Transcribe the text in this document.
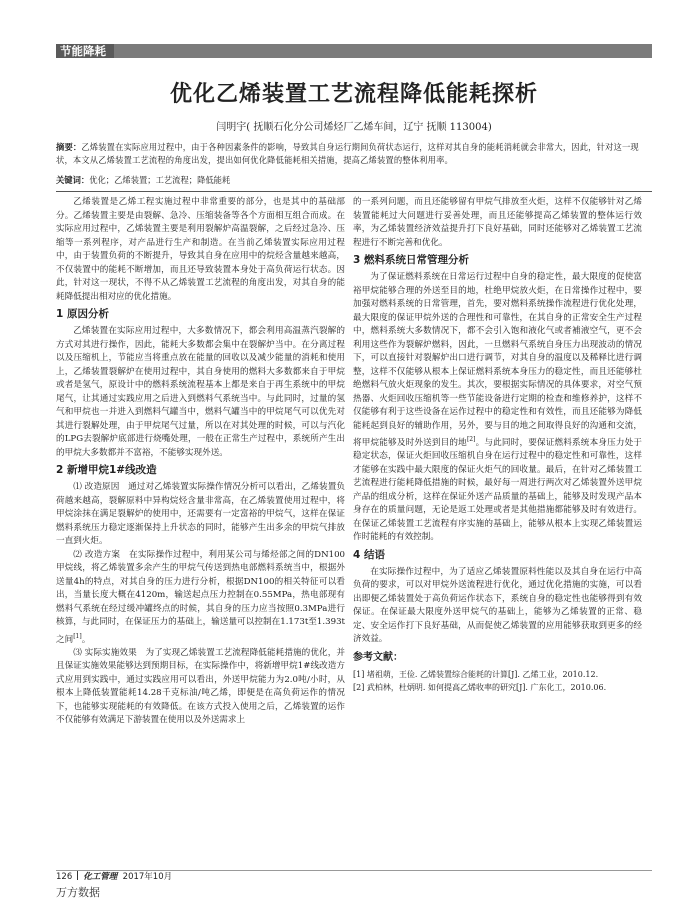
节能降耗
优化乙烯装置工艺流程降低能耗探析
闫明宇( 抚顺石化分公司烯烃厂乙烯车间，辽宁 抚顺 113004)
摘要：乙烯装置在实际应用过程中，由于各种因素条件的影响，导致其自身运行期间负荷状态运行，这样对其自身的能耗消耗就会非常大，因此，针对这一现状，本文从乙烯装置工艺流程的角度出发，提出如何优化降低能耗相关措施，提高乙烯装置的整体利用率。
关键词：优化；乙烯装置；工艺流程；降低能耗

乙烯装置是乙烯工程实施过程中非常重要的部分，也是其中的基础部分。乙烯装置主要是由裂解、急冷、压缩装备等各个方面相互组合而成。在实际应用过程中，乙烯装置主要是利用裂解炉高温裂解，之后经过急冷、压缩等一系列程序，对产品进行生产和制造。在当前乙烯装置实际应用过程中，由于装置负荷的不断提升，导致其自身在应用中的烷烃含量越来越高，不仅装置中的能耗不断增加，而且还导致装置本身处于高负荷运行状态。因此，针对这一现状，不得不从乙烯装置工艺流程的角度出发，对其自身的能耗降低提出相对应的优化措施。

1 原因分析

乙烯装置在实际应用过程中，大多数情况下，都会利用高温蒸汽裂解的方式对其进行操作，因此，能耗大多数都会集中在裂解炉当中。在分离过程以及压缩机上，节能应当将重点放在能量的回收以及减少能量的消耗和使用上，乙烯装置裂解炉在使用过程中，其自身使用的燃料大多数都来自于甲烷或者是氢气，原设计中的燃料系统流程基本上都是来自于再生系统中的甲烷尾气，让其通过实践应用之后进入到燃料气系统当中。与此同时，过量的氢气和甲烷也一并进入到燃料气罐当中，燃料气罐当中的甲烷尾气可以优先对其进行裂解处理，由于甲烷尾气过量，所以在对其处理的时候，可以与汽化的LPG去裂解炉底部进行烧嘴处理，一般在正常生产过程中，系统所产生出的甲烷大多数都并不富裕，不能够实现外送。

2 新增甲烷1#线改造

⑴ 改造原因　通过对乙烯装置实际操作情况分析可以看出，乙烯装置负荷越来越高，裂解原料中异构烷烃含量非常高，在乙烯装置使用过程中，将甲烷涂抹在满足裂解炉的使用中，还需要有一定富裕的甲烷气，这样在保证燃料系统压力稳定逐渐保持上升状态的同时，能够产生出多余的甲烷气排放一直到火炬。

⑵ 改造方案　在实际操作过程中，利用某公司与烯烃部之间的DN100甲烷线，将乙烯装置多余产生的甲烷气传送到热电部燃料系统当中，根据外送量4h的特点，对其自身的压力进行分析，根据DN100的相关特征可以看出，当量长度大概在4120m，输送起点压力控制在0.55MPa，热电部现有燃料气系统在经过缓冲罐终点的时候，其自身的压力应当按照0.3MPa进行核算，与此同时，在保证压力的基础上，输送量可以控制在1.173t至1.393t之间[1]。

⑶ 实际实施效果　为了实现乙烯装置工艺流程降低能耗措施的优化，并且保证实施效果能够达到预期目标，在实际操作中，将新增甲烷1#线改造方式应用到实践中，通过实践应用可以看出，外送甲烷能力为2.0吨/小时，从根本上降低装置能耗14.28千克标油/吨乙烯，即便是在高负荷运作的情况下，也能够实现能耗的有效降低。在该方式投入使用之后，乙烯装置的运作不仅能够有效满足下游装置在使用以及外送需求上

的一系列问题，而且还能够留有甲烷气排放至火炬，这样不仅能够针对乙烯装置能耗过大问题进行妥善处理，而且还能够提高乙烯装置的整体运行效率，为乙烯装置经济效益提升打下良好基础，同时还能够对乙烯装置工艺流程进行不断完善和优化。

3 燃料系统日常管理分析

为了保证燃料系统在日常运行过程中自身的稳定性，最大限度的促使富裕甲烷能够合理的外送至目的地，杜绝甲烷放火炬，在日常操作过程中，要加强对燃料系统的日常管理，首先，要对燃料系统操作流程进行优化处理，最大限度的保证甲烷外送的合理性和可靠性，在其自身的正常安全生产过程中，燃料系统大多数情况下，都不会引入饱和液化气或者補液空气，更不会利用这些作为裂解炉燃料，因此，一旦燃料气系统自身压力出现波动的情况下，可以直接针对裂解炉出口进行调节，对其自身的温度以及稀释比进行调整，这样不仅能够从根本上保证燃料系统本身压力的稳定性，而且还能够杜绝燃料气放火炬现象的发生。其次，要根据实际情况的具体要求，对空气预热器、火炬回收压缩机等一些节能设备进行定期的检查和维修养护，这样不仅能够有利于这些设备在运作过程中的稳定性和有效性，而且还能够为降低能耗起到良好的辅助作用，另外，要与目的地之间取得良好的沟通和交流，将甲烷能够及时外送到目的地[2]。与此同时，要保证燃料系统本身压力处于稳定状态，保证火炬回收压缩机自身在运行过程中的稳定性和可靠性，这样才能够在实践中最大限度的保证火炬气的回收量。最后，在针对乙烯装置工艺流程进行能耗降低措施的时候，最好每一周进行两次对乙烯装置外送甲烷产品的组成分析，这样在保证外送产品质量的基础上，能够及时发现产品本身存在的质量问题，无论是返工处理或者是其他措施都能够及时有效进行。在保证乙烯装置工艺流程有序实施的基础上，能够从根本上实现乙烯装置运作时能耗的有效控制。

4 结语

在实际操作过程中，为了适应乙烯装置原料性能以及其自身在运行中高负荷的要求，可以对甲烷外送流程进行优化，通过优化措施的实施，可以看出即便乙烯装置处于高负荷运作状态下，系统自身的稳定性也能够得到有效保证。在保证最大限度外送甲烷气的基础上，能够为乙烯装置的正常、稳定、安全运作打下良好基础，从而促使乙烯装置的应用能够获取到更多的经济效益。

参考文献：

[1] 堵祖萌，王俭. 乙烯装置综合能耗的计算[J]. 乙烯工业，2010.12.

[2] 武柏林，杜炳明. 如何提高乙烯收率的研究[J]. 广东化工，2010.06.

126 化工管理 2017年10月
万方数据
